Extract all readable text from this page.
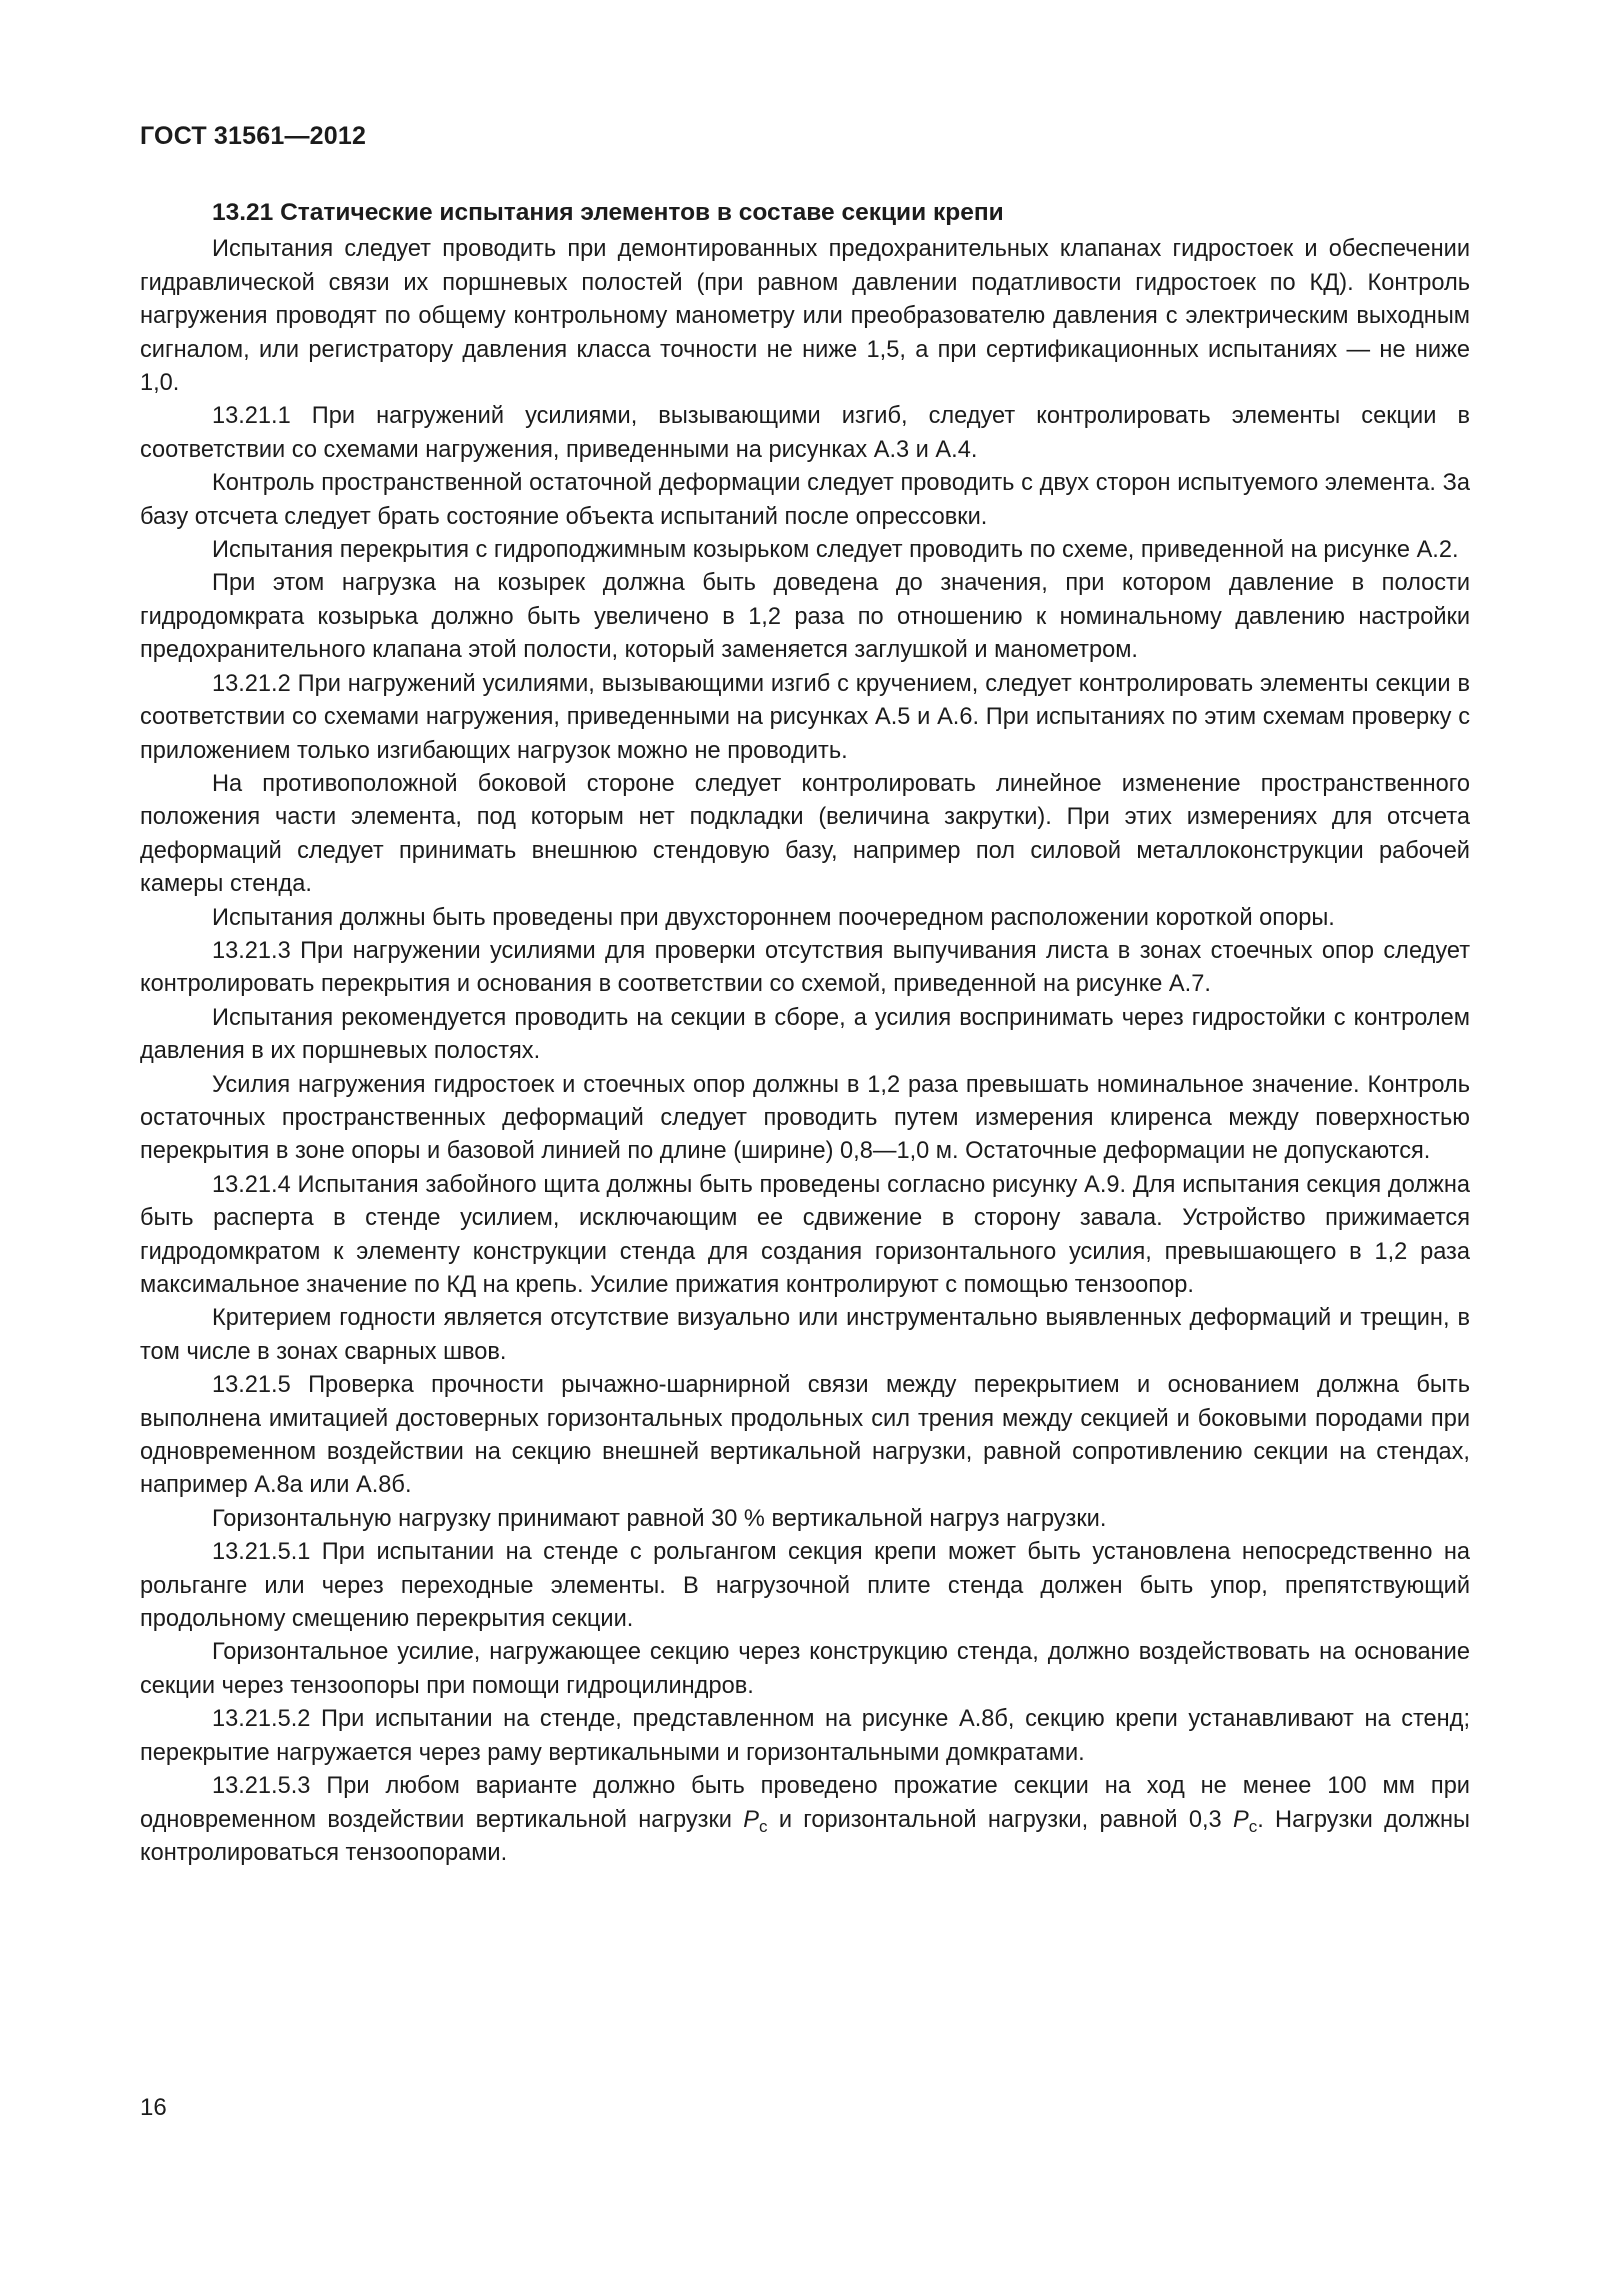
ГОСТ 31561—2012

13.21 Статические испытания элементов в составе секции крепи

Испытания следует проводить при демонтированных предохранительных клапанах гидростоек и обеспечении гидравлической связи их поршневых полостей (при равном давлении податливости гидростоек по КД). Контроль нагружения проводят по общему контрольному манометру или преобразователю давления с электрическим выходным сигналом, или регистратору давления класса точности не ниже 1,5, а при сертификационных испытаниях — не ниже 1,0.

13.21.1 При нагружений усилиями, вызывающими изгиб, следует контролировать элементы секции в соответствии со схемами нагружения, приведенными на рисунках А.3 и А.4.

Контроль пространственной остаточной деформации следует проводить с двух сторон испытуемого элемента. За базу отсчета следует брать состояние объекта испытаний после опрессовки.

Испытания перекрытия с гидроподжимным козырьком следует проводить по схеме, приведенной на рисунке А.2.

При этом нагрузка на козырек должна быть доведена до значения, при котором давление в полости гидродомкрата козырька должно быть увеличено в 1,2 раза по отношению к номинальному давлению настройки предохранительного клапана этой полости, который заменяется заглушкой и манометром.

13.21.2 При нагружений усилиями, вызывающими изгиб с кручением, следует контролировать элементы секции в соответствии со схемами нагружения, приведенными на рисунках А.5 и А.6. При испытаниях по этим схемам проверку с приложением только изгибающих нагрузок можно не проводить.

На противоположной боковой стороне следует контролировать линейное изменение пространственного положения части элемента, под которым нет подкладки (величина закрутки). При этих измерениях для отсчета деформаций следует принимать внешнюю стендовую базу, например пол силовой металлоконструкции рабочей камеры стенда.

Испытания должны быть проведены при двухстороннем поочередном расположении короткой опоры.

13.21.3 При нагружении усилиями для проверки отсутствия выпучивания листа в зонах стоечных опор следует контролировать перекрытия и основания в соответствии со схемой, приведенной на рисунке А.7.

Испытания рекомендуется проводить на секции в сборе, а усилия воспринимать через гидростойки с контролем давления в их поршневых полостях.

Усилия нагружения гидростоек и стоечных опор должны в 1,2 раза превышать номинальное значение. Контроль остаточных пространственных деформаций следует проводить путем измерения клиренса между поверхностью перекрытия в зоне опоры и базовой линией по длине (ширине) 0,8—1,0 м. Остаточные деформации не допускаются.

13.21.4 Испытания забойного щита должны быть проведены согласно рисунку А.9. Для испытания секция должна быть распертa в стенде усилием, исключающим ее сдвижение в сторону завала. Устройство прижимается гидродомкратом к элементу конструкции стенда для создания горизонтального усилия, превышающего в 1,2 раза максимальное значение по КД на крепь. Усилие прижатия контролируют с помощью тензоопор.

Критерием годности является отсутствие визуально или инструментально выявленных деформаций и трещин, в том числе в зонах сварных швов.

13.21.5 Проверка прочности рычажно-шарнирной связи между перекрытием и основанием должна быть выполнена имитацией достоверных горизонтальных продольных сил трения между секцией и боковыми породами при одновременном воздействии на секцию внешней вертикальной нагрузки, равной сопротивлению секции на стендах, например А.8а или А.8б.

Горизонтальную нагрузку принимают равной 30 % вертикальной нагруз нагрузки.

13.21.5.1 При испытании на стенде с рольгангом секция крепи может быть установлена непосредственно на рольганге или через переходные элементы. В нагрузочной плите стенда должен быть упор, препятствующий продольному смещению перекрытия секции.

Горизонтальное усилие, нагружающее секцию через конструкцию стенда, должно воздействовать на основание секции через тензоопоры при помощи гидроцилиндров.

13.21.5.2 При испытании на стенде, представленном на рисунке А.8б, секцию крепи устанавливают на стенд; перекрытие нагружается через раму вертикальными и горизонтальными домкратами.

13.21.5.3 При любом варианте должно быть проведено прожатие секции на ход не менее 100 мм при одновременном воздействии вертикальной нагрузки $P_с$ и горизонтальной нагрузки, равной 0,3 $P_с$. Нагрузки должны контролироваться тензоопорами.

16
